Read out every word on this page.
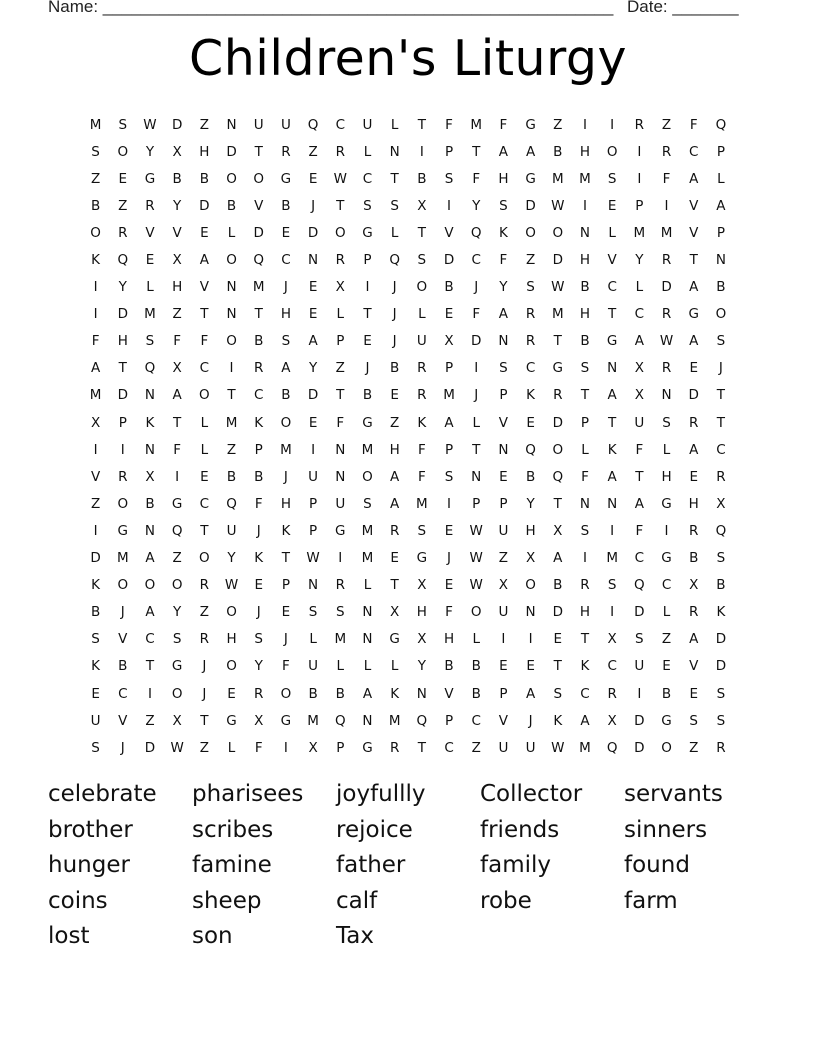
Name: ______________________________________________________ Date: _______
Children's Liturgy
M	S	W	D	Z	N	U	U	Q	C	U	L	T	F	M	F	G	Z	I	I	R	Z	F	Q
S	O	Y	X	H	D	T	R	Z	R	L	N	I	P	T	A	A	B	H	O	I	R	C	P
Z	E	G	B	B	O	O	G	E	W	C	T	B	S	F	H	G	M	M	S	I	F	A	L
B	Z	R	Y	D	B	V	B	J	T	S	S	X	I	Y	S	D	W	I	E	P	I	V	A
O	R	V	V	E	L	D	E	D	O	G	L	T	V	Q	K	O	O	N	L	M	M	V	P
K	Q	E	X	A	O	Q	C	N	R	P	Q	S	D	C	F	Z	D	H	V	Y	R	T	N
I	Y	L	H	V	N	M	J	E	X	I	J	O	B	J	Y	S	W	B	C	L	D	A	B
I	D	M	Z	T	N	T	H	E	L	T	J	L	E	F	A	R	M	H	T	C	R	G	O
F	H	S	F	F	O	B	S	A	P	E	J	U	X	D	N	R	T	B	G	A	W	A	S
A	T	Q	X	C	I	R	A	Y	Z	J	B	R	P	I	S	C	G	S	N	X	R	E	J
M	D	N	A	O	T	C	B	D	T	B	E	R	M	J	P	K	R	T	A	X	N	D	T
X	P	K	T	L	M	K	O	E	F	G	Z	K	A	L	V	E	D	P	T	U	S	R	T
I	I	N	F	L	Z	P	M	I	N	M	H	F	P	T	N	Q	O	L	K	F	L	A	C
V	R	X	I	E	B	B	J	U	N	O	A	F	S	N	E	B	Q	F	A	T	H	E	R
Z	O	B	G	C	Q	F	H	P	U	S	A	M	I	P	P	Y	T	N	N	A	G	H	X
I	G	N	Q	T	U	J	K	P	G	M	R	S	E	W	U	H	X	S	I	F	I	R	Q
D	M	A	Z	O	Y	K	T	W	I	M	E	G	J	W	Z	X	A	I	M	C	G	B	S
K	O	O	O	R	W	E	P	N	R	L	T	X	E	W	X	O	B	R	S	Q	C	X	B
B	J	A	Y	Z	O	J	E	S	S	N	X	H	F	O	U	N	D	H	I	D	L	R	K
S	V	C	S	R	H	S	J	L	M	N	G	X	H	L	I	I	E	T	X	S	Z	A	D
K	B	T	G	J	O	Y	F	U	L	L	L	Y	B	B	E	E	T	K	C	U	E	V	D
E	C	I	O	J	E	R	O	B	B	A	K	N	V	B	P	A	S	C	R	I	B	E	S
U	V	Z	X	T	G	X	G	M	Q	N	M	Q	P	C	V	J	K	A	X	D	G	S	S
S	J	D	W	Z	L	F	I	X	P	G	R	T	C	Z	U	U	W	M	Q	D	O	Z	R
celebrate	pharisees	joyfullly	Collector	servants
brother	scribes	rejoice	friends	sinners
hunger	famine	father	family	found
coins	sheep	calf	robe	farm
lost	son	Tax
